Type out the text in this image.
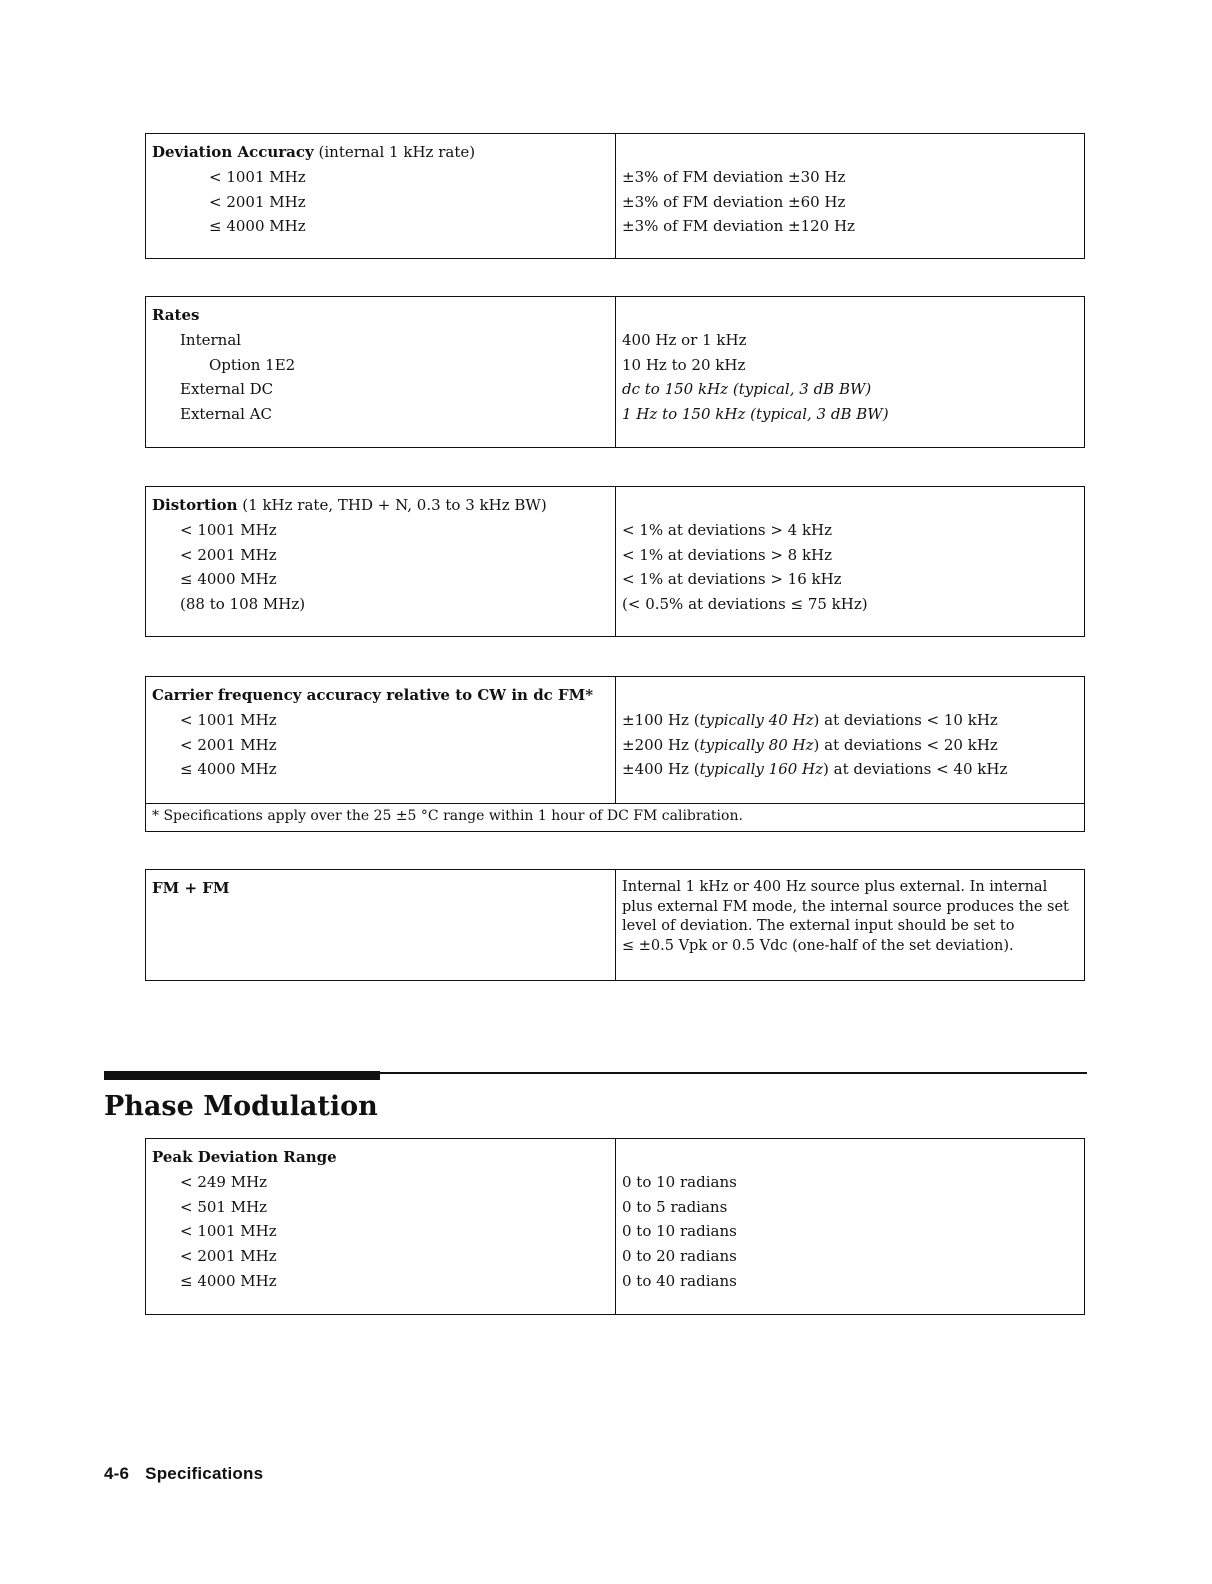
Deviation Accuracy (internal 1 kHz rate)
< 1001 MHz
< 2001 MHz
≤ 4000 MHz
±3% of FM deviation ±30 Hz
±3% of FM deviation ±60 Hz
±3% of FM deviation ±120 Hz
Rates
Internal
Option 1E2
External DC
External AC
400 Hz or 1 kHz
10 Hz to 20 kHz
dc to 150 kHz (typical, 3 dB BW)
1 Hz to 150 kHz (typical, 3 dB BW)
Distortion (1 kHz rate, THD + N, 0.3 to 3 kHz BW)
< 1001 MHz
< 2001 MHz
≤ 4000 MHz
(88 to 108 MHz)
< 1% at deviations > 4 kHz
< 1% at deviations > 8 kHz
< 1% at deviations > 16 kHz
(< 0.5% at deviations ≤ 75 kHz)
Carrier frequency accuracy relative to CW in dc FM*
< 1001 MHz
< 2001 MHz
≤ 4000 MHz
±100 Hz (typically 40 Hz) at deviations < 10 kHz
±200 Hz (typically 80 Hz) at deviations < 20 kHz
±400 Hz (typically 160 Hz) at deviations < 40 kHz
* Specifications apply over the 25 ±5 °C range within 1 hour of DC FM calibration.
FM + FM	Internal 1 kHz or 400 Hz source plus external. In internal
plus external FM mode, the internal source produces the set
level of deviation. The external input should be set to
≤ ±0.5 Vpk or 0.5 Vdc (one-half of the set deviation).
Phase Modulation
Peak Deviation Range
< 249 MHz
< 501 MHz
< 1001 MHz
< 2001 MHz
≤ 4000 MHz
0 to 10 radians
0 to 5 radians
0 to 10 radians
0 to 20 radians
0 to 40 radians
4-6 Specifications
